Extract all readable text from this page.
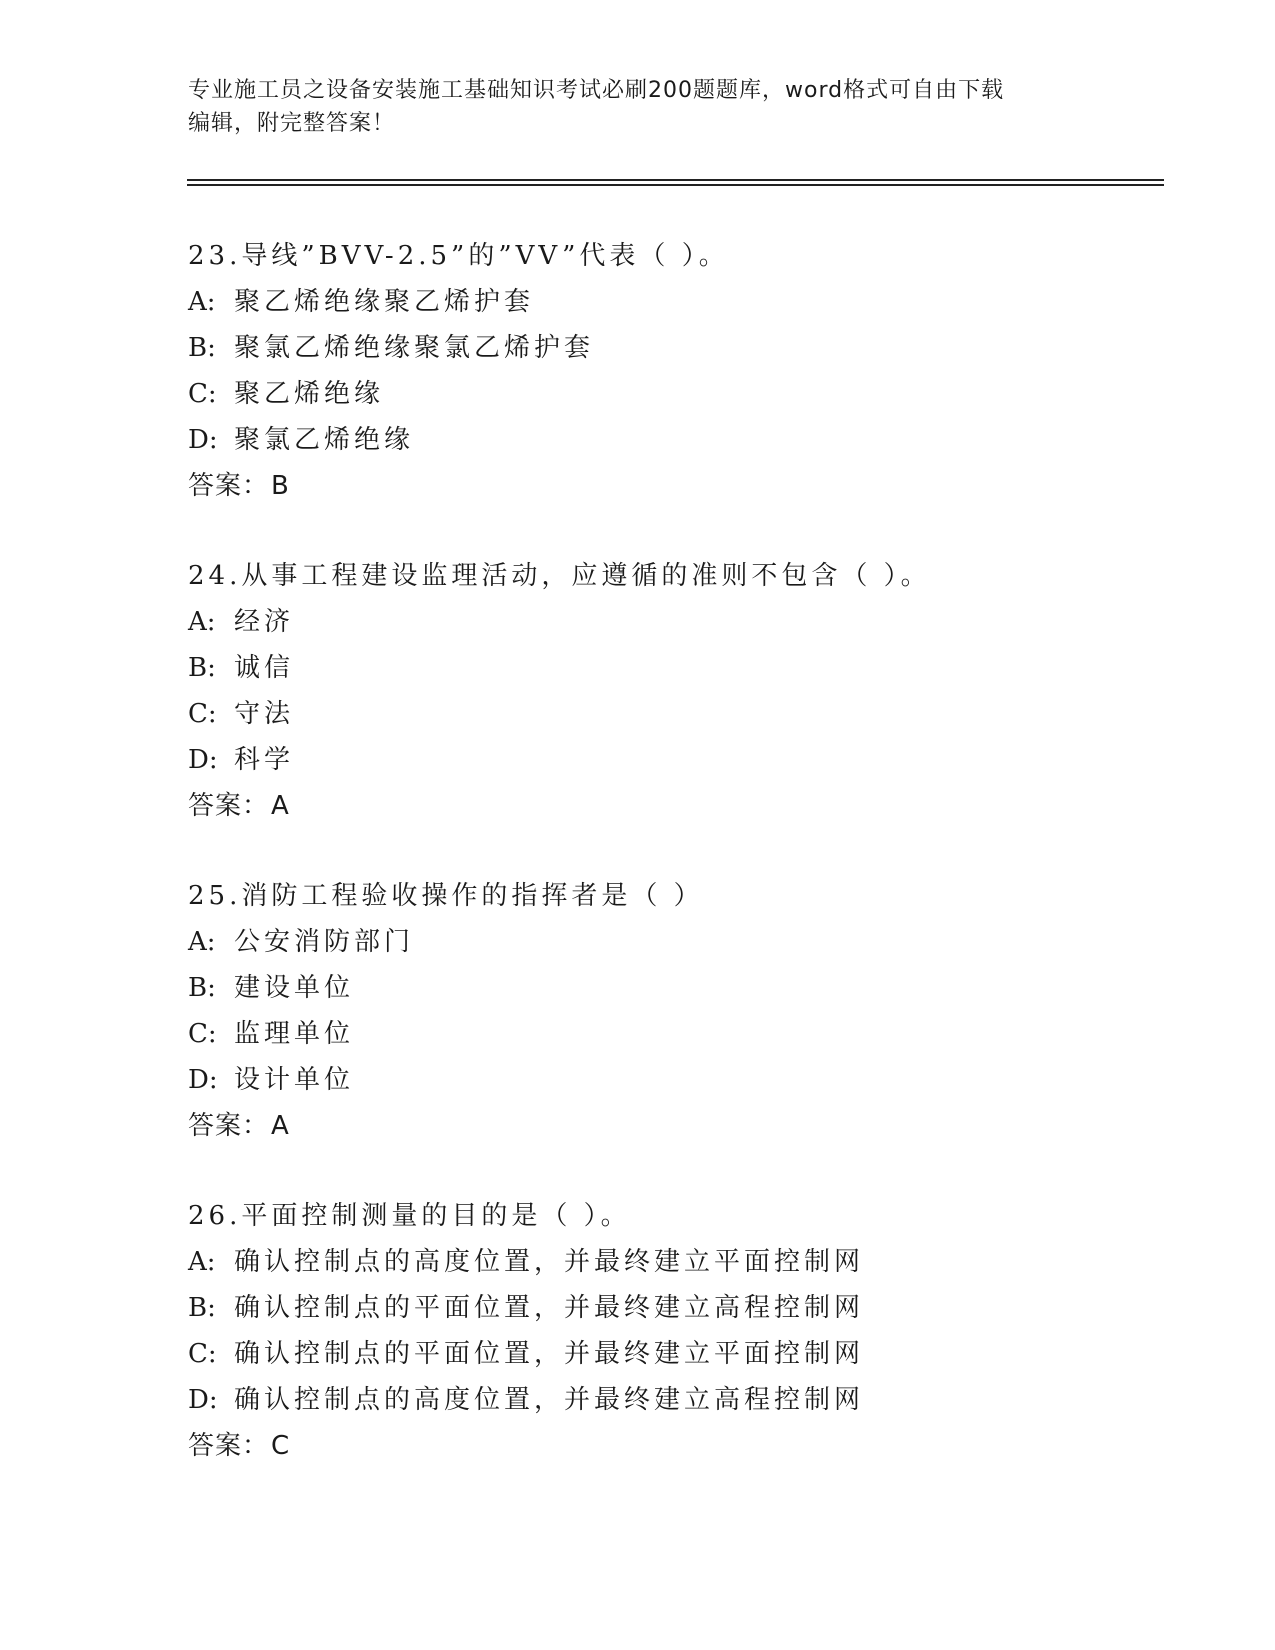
专业施工员之设备安装施工基础知识考试必刷200题题库，word格式可自由下载
编辑，附完整答案！
23.导线”BVV-2.5”的”VV”代表（ ）。
A: 聚乙烯绝缘聚乙烯护套
B: 聚氯乙烯绝缘聚氯乙烯护套
C: 聚乙烯绝缘
D: 聚氯乙烯绝缘
答案：B
24.从事工程建设监理活动，应遵循的准则不包含（ ）。
A: 经济
B: 诚信
C: 守法
D: 科学
答案：A
25.消防工程验收操作的指挥者是（ ）
A: 公安消防部门
B: 建设单位
C: 监理单位
D: 设计单位
答案：A
26.平面控制测量的目的是（ ）。
A: 确认控制点的高度位置，并最终建立平面控制网
B: 确认控制点的平面位置，并最终建立高程控制网
C: 确认控制点的平面位置，并最终建立平面控制网
D: 确认控制点的高度位置，并最终建立高程控制网
答案：C
